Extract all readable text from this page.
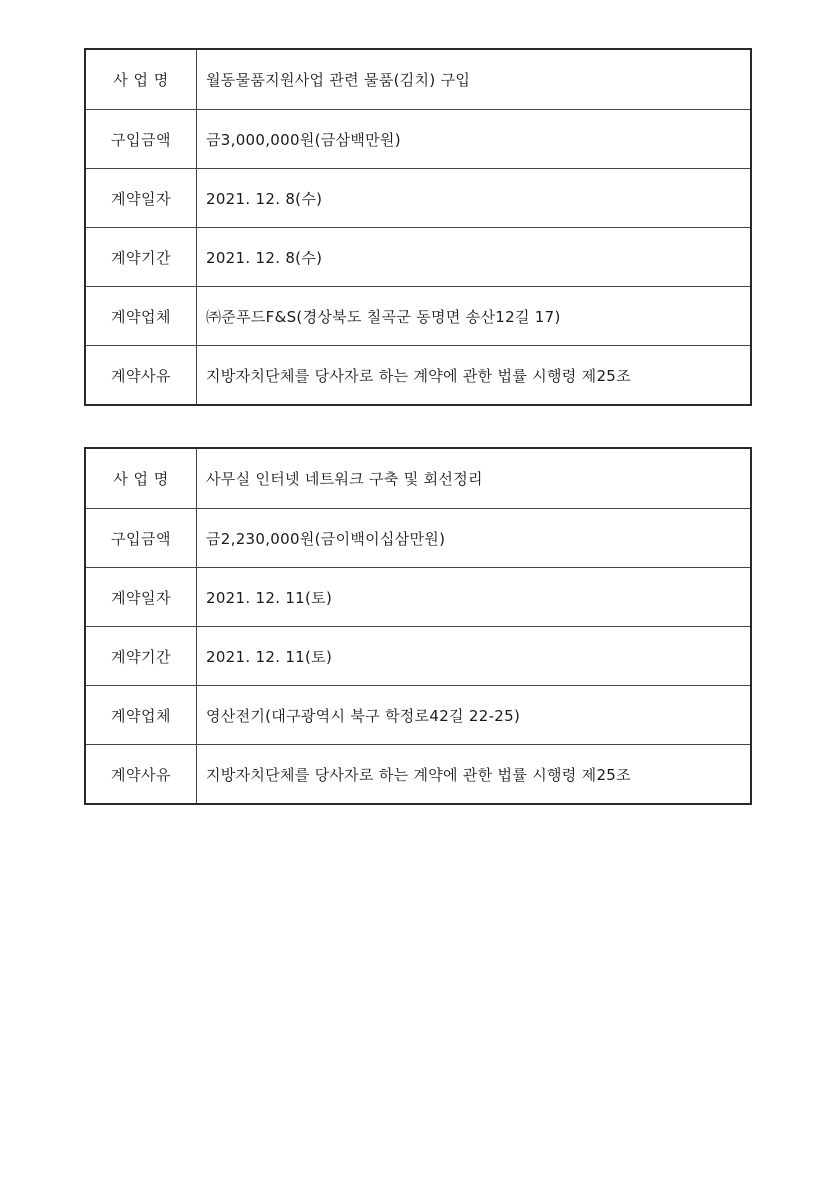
사 업 명	월동물품지원사업 관련 물품(김치) 구입
구입금액	금3,000,000원(금삼백만원)
계약일자	2021. 12. 8(수)
계약기간	2021. 12. 8(수)
계약업체	㈜준푸드F&S(경상북도 칠곡군 동명면 송산12길 17)
계약사유	지방자치단체를 당사자로 하는 계약에 관한 법률 시행령 제25조
사 업 명	사무실 인터넷 네트워크 구축 및 회선정리
구입금액	금2,230,000원(금이백이십삼만원)
계약일자	2021. 12. 11(토)
계약기간	2021. 12. 11(토)
계약업체	영산전기(대구광역시 북구 학정로42길 22-25)
계약사유	지방자치단체를 당사자로 하는 계약에 관한 법률 시행령 제25조
